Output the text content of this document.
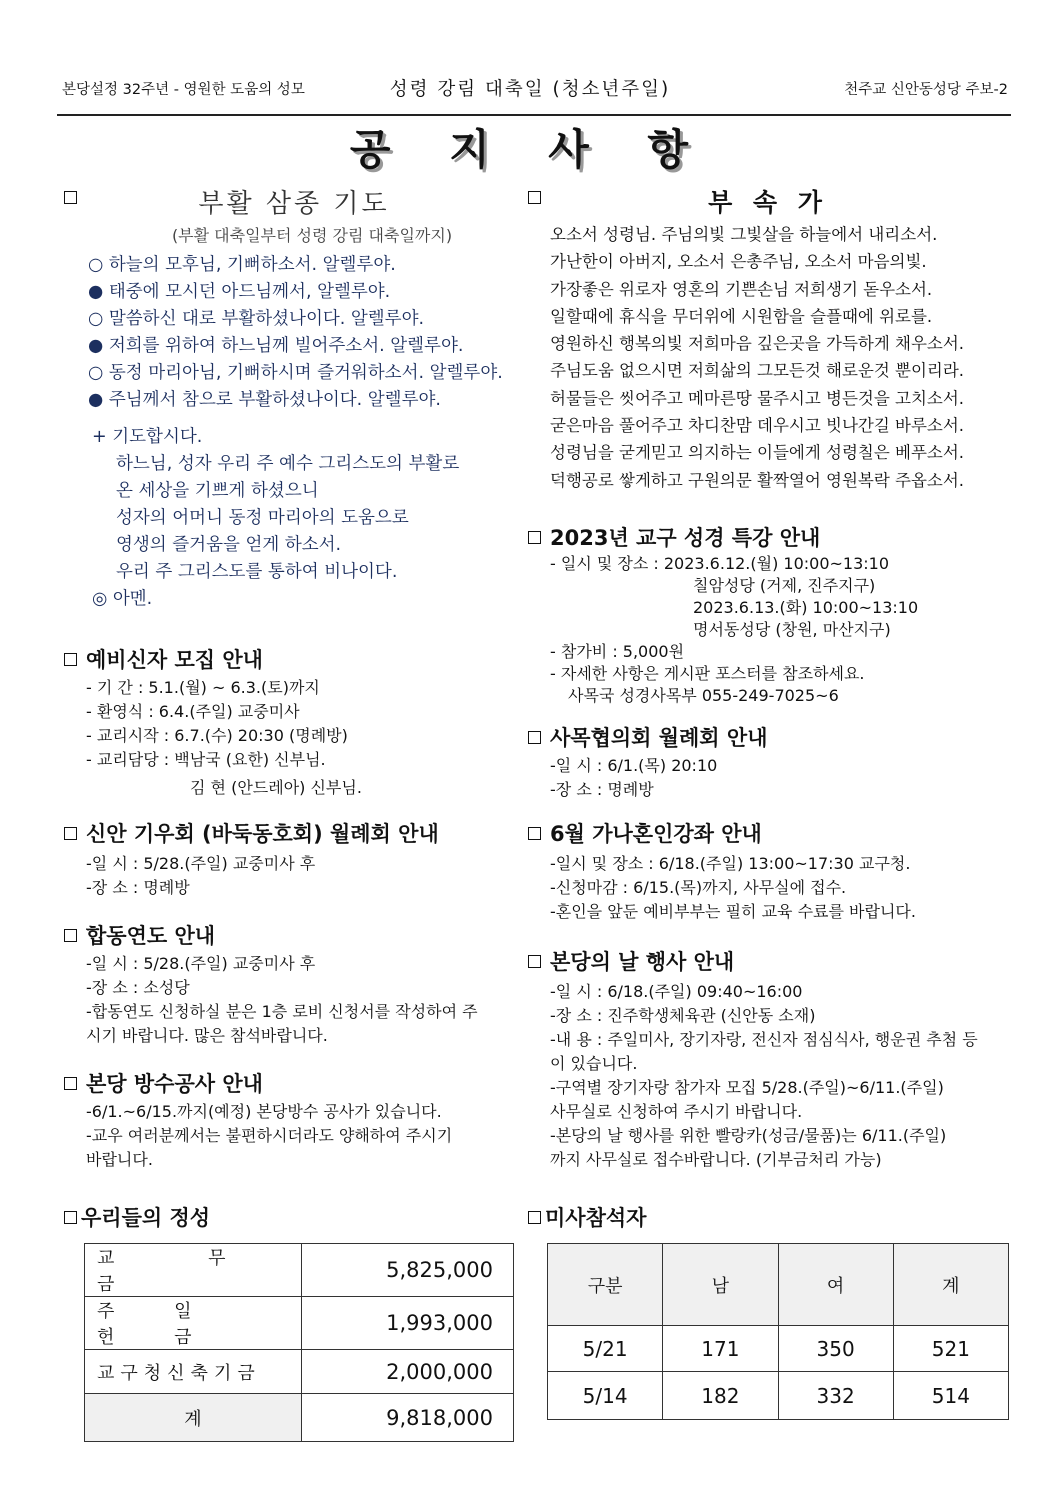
본당설정 32주년 - 영원한 도움의 성모	성령 강림 대축일 (청소년주일)	천주교 신안동성당 주보-2
공 지 사 항
부활 삼종 기도
(부활 대축일부터 성령 강림 대축일까지)
○ 하늘의 모후님, 기뻐하소서. 알렐루야.
● 태중에 모시던 아드님께서, 알렐루야.
○ 말씀하신 대로 부활하셨나이다. 알렐루야.
● 저희를 위하여 하느님께 빌어주소서. 알렐루야.
○ 동정 마리아님, 기뻐하시며 즐거워하소서. 알렐루야.
● 주님께서 참으로 부활하셨나이다. 알렐루야.
+ 기도합시다.
하느님, 성자 우리 주 예수 그리스도의 부활로
온 세상을 기쁘게 하셨으니
성자의 어머니 동정 마리아의 도움으로
영생의 즐거움을 얻게 하소서.
우리 주 그리스도를 통하여 비나이다.
◎ 아멘.
부 속 가
오소서 성령님. 주님의빛 그빛살을 하늘에서 내리소서.
가난한이 아버지, 오소서 은총주님, 오소서 마음의빛.
가장좋은 위로자 영혼의 기쁜손님 저희생기 돋우소서.
일할때에 휴식을 무더위에 시원함을 슬플때에 위로를.
영원하신 행복의빛 저희마음 깊은곳을 가득하게 채우소서.
주님도움 없으시면 저희삶의 그모든것 해로운것 뿐이리라.
허물들은 씻어주고 메마른땅 물주시고 병든것을 고치소서.
굳은마음 풀어주고 차디찬맘 데우시고 빗나간길 바루소서.
성령님을 굳게믿고 의지하는 이들에게 성령칠은 베푸소서.
덕행공로 쌓게하고 구원의문 활짝열어 영원복락 주옵소서.
예비신자 모집 안내
- 기 간 : 5.1.(월) ~ 6.3.(토)까지
- 환영식 : 6.4.(주일) 교중미사
- 교리시작 : 6.7.(수) 20:30 (명례방)
- 교리담당 : 백남국 (요한) 신부님.
김 현 (안드레아) 신부님.
신안 기우회 (바둑동호회) 월례회 안내
-일 시 : 5/28.(주일) 교중미사 후
-장 소 : 명례방
합동연도 안내
-일 시 : 5/28.(주일) 교중미사 후
-장 소 : 소성당
-합동연도 신청하실 분은 1층 로비 신청서를 작성하여 주
시기 바랍니다. 많은 참석바랍니다.
본당 방수공사 안내
-6/1.~6/15.까지(예정) 본당방수 공사가 있습니다.
-교우 여러분께서는 불편하시더라도 양해하여 주시기
바랍니다.
2023년 교구 성경 특강 안내
- 일시 및 장소 : 2023.6.12.(월) 10:00~13:10
칠암성당 (거제, 진주지구)
2023.6.13.(화) 10:00~13:10
명서동성당 (창원, 마산지구)
- 참가비 : 5,000원
- 자세한 사항은 게시판 포스터를 참조하세요.
사목국 성경사목부 055-249-7025~6
사목협의회 월례회 안내
-일 시 : 6/1.(목) 20:10
-장 소 : 명례방
6월 가나혼인강좌 안내
-일시 및 장소 : 6/18.(주일) 13:00~17:30 교구청.
-신청마감 : 6/15.(목)까지, 사무실에 접수.
-혼인을 앞둔 예비부부는 필히 교육 수료를 바랍니다.
본당의 날 행사 안내
-일 시 : 6/18.(주일) 09:40~16:00
-장 소 : 진주학생체육관 (신안동 소재)
-내 용 : 주일미사, 장기자랑, 전신자 점심식사, 행운권 추첨 등
이 있습니다.
-구역별 장기자랑 참가자 모집 5/28.(주일)~6/11.(주일)
사무실로 신청하여 주시기 바랍니다.
-본당의 날 행사를 위한 빨랑카(성금/물품)는 6/11.(주일)
까지 사무실로 접수바랍니다. (기부금처리 가능)
우리들의 정성
교 무 금	5,825,000
주 일 헌 금	1,993,000
교구청신축기금	2,000,000
계	9,818,000
미사참석자
구분	남	여	계
5/21	171	350	521
5/14	182	332	514
